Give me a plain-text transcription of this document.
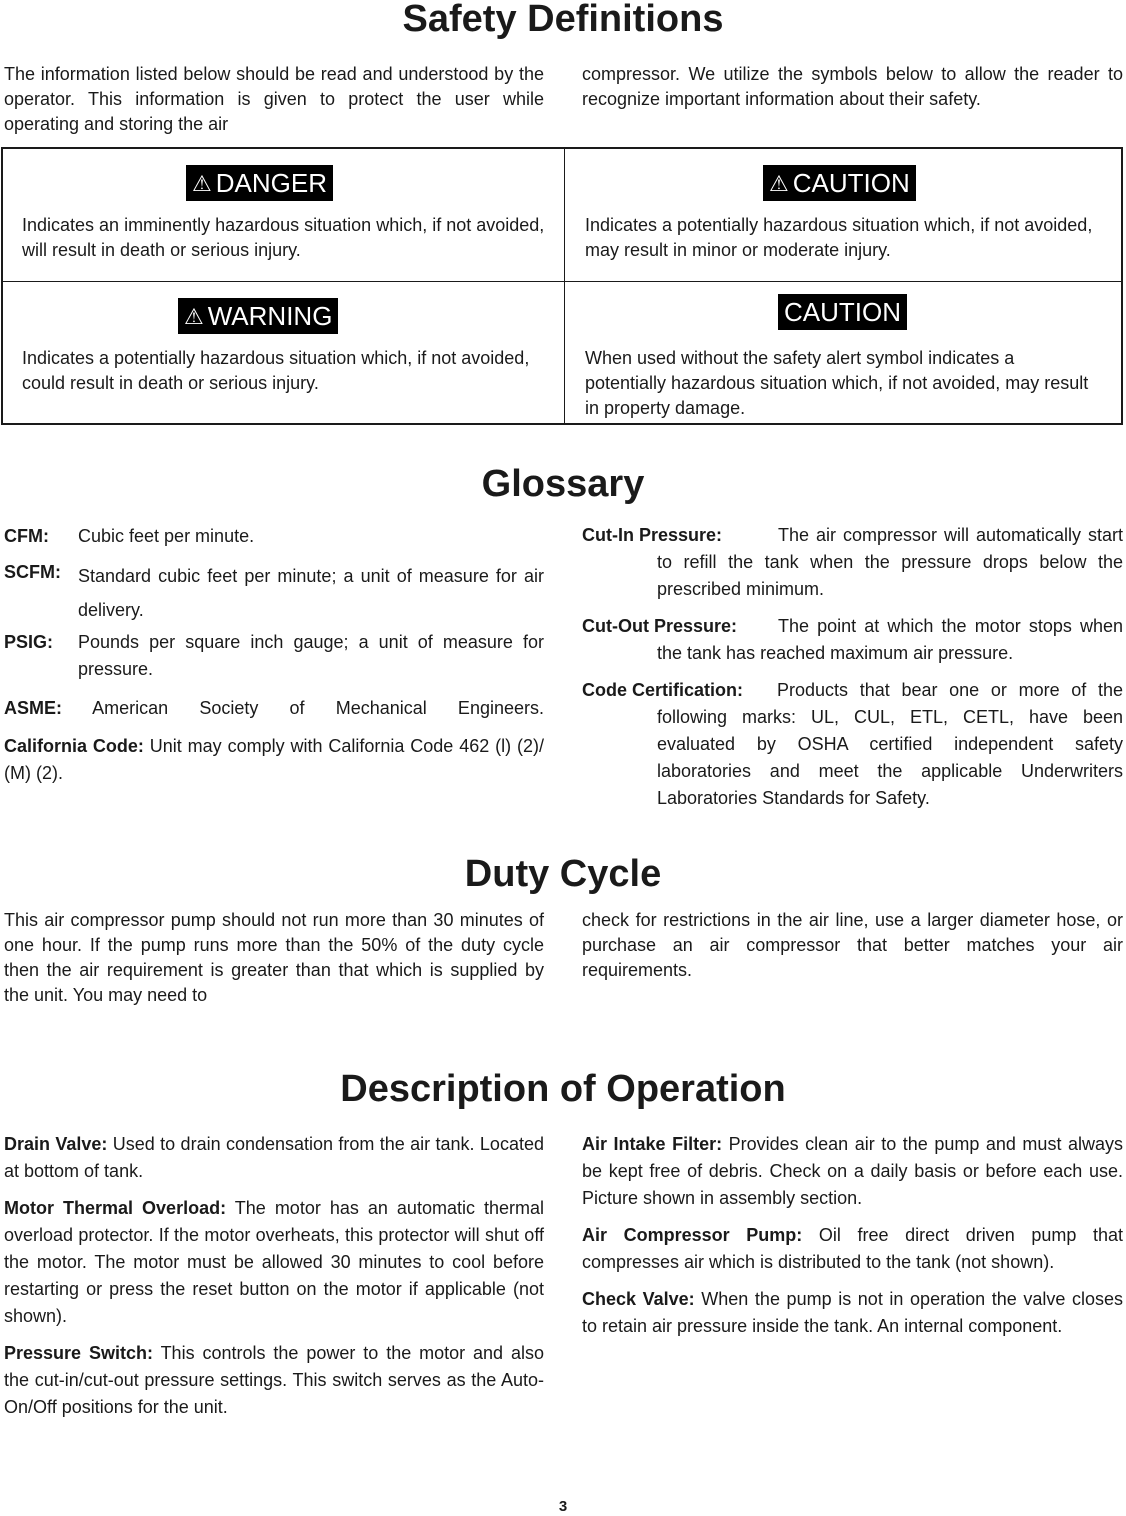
Safety Definitions
The information listed below should be read and understood by the operator. This information is given to protect the user while operating and storing the air
compressor. We utilize the symbols below to allow the reader to recognize important information about their safety.
⚠ DANGER
Indicates an imminently hazardous situation which, if not avoided, will result in death or serious injury.
⚠ CAUTION
Indicates a potentially hazardous situation which, if not avoided, may result in minor or moderate injury.
⚠ WARNING
Indicates a potentially hazardous situation which, if not avoided, could result in death or serious injury.
CAUTION
When used without the safety alert symbol indicates a potentially hazardous situation which, if not avoided, may result in property damage.
Glossary
CFM: Cubic feet per minute.
SCFM: Standard cubic feet per minute; a unit of measure for air delivery.
PSIG: Pounds per square inch gauge; a unit of measure for pressure.
ASME: American Society of Mechanical Engineers.
California Code: Unit may comply with California Code 462 (l) (2)/ (M) (2).
Cut-In Pressure:	The air compressor will automatically start to refill the tank when the pressure drops below the prescribed minimum.
Cut-Out Pressure:	The point at which the motor stops when the tank has reached maximum air pressure.
Code Certification:	Products that bear one or more of the following marks: UL, CUL, ETL, CETL, have been evaluated by OSHA certified independent safety laboratories and meet the applicable Underwriters Laboratories Standards for Safety.
Duty Cycle
This air compressor pump should not run more than 30 minutes of one hour. If the pump runs more than the 50% of the duty cycle then the air requirement is greater than that which is supplied by the unit. You may need to
check for restrictions in the air line, use a larger diameter hose, or purchase an air compressor that better matches your air requirements.
Description of Operation

Drain Valve: Used to drain condensation from the air tank. Located at bottom of tank.

Motor Thermal Overload: The motor has an automatic thermal overload protector. If the motor overheats, this protector will shut off the motor. The motor must be allowed 30 minutes to cool before restarting or press the reset button on the motor if applicable (not shown).

Pressure Switch: This controls the power to the motor and also the cut-in/cut-out pressure settings. This switch serves as the Auto-On/Off positions for the unit.

Air Intake Filter: Provides clean air to the pump and must always be kept free of debris. Check on a daily basis or before each use. Picture shown in assembly section.

Air Compressor Pump: Oil free direct driven pump that compresses air which is distributed to the tank (not shown).

Check Valve: When the pump is not in operation the valve closes to retain air pressure inside the tank. An internal component.

3
